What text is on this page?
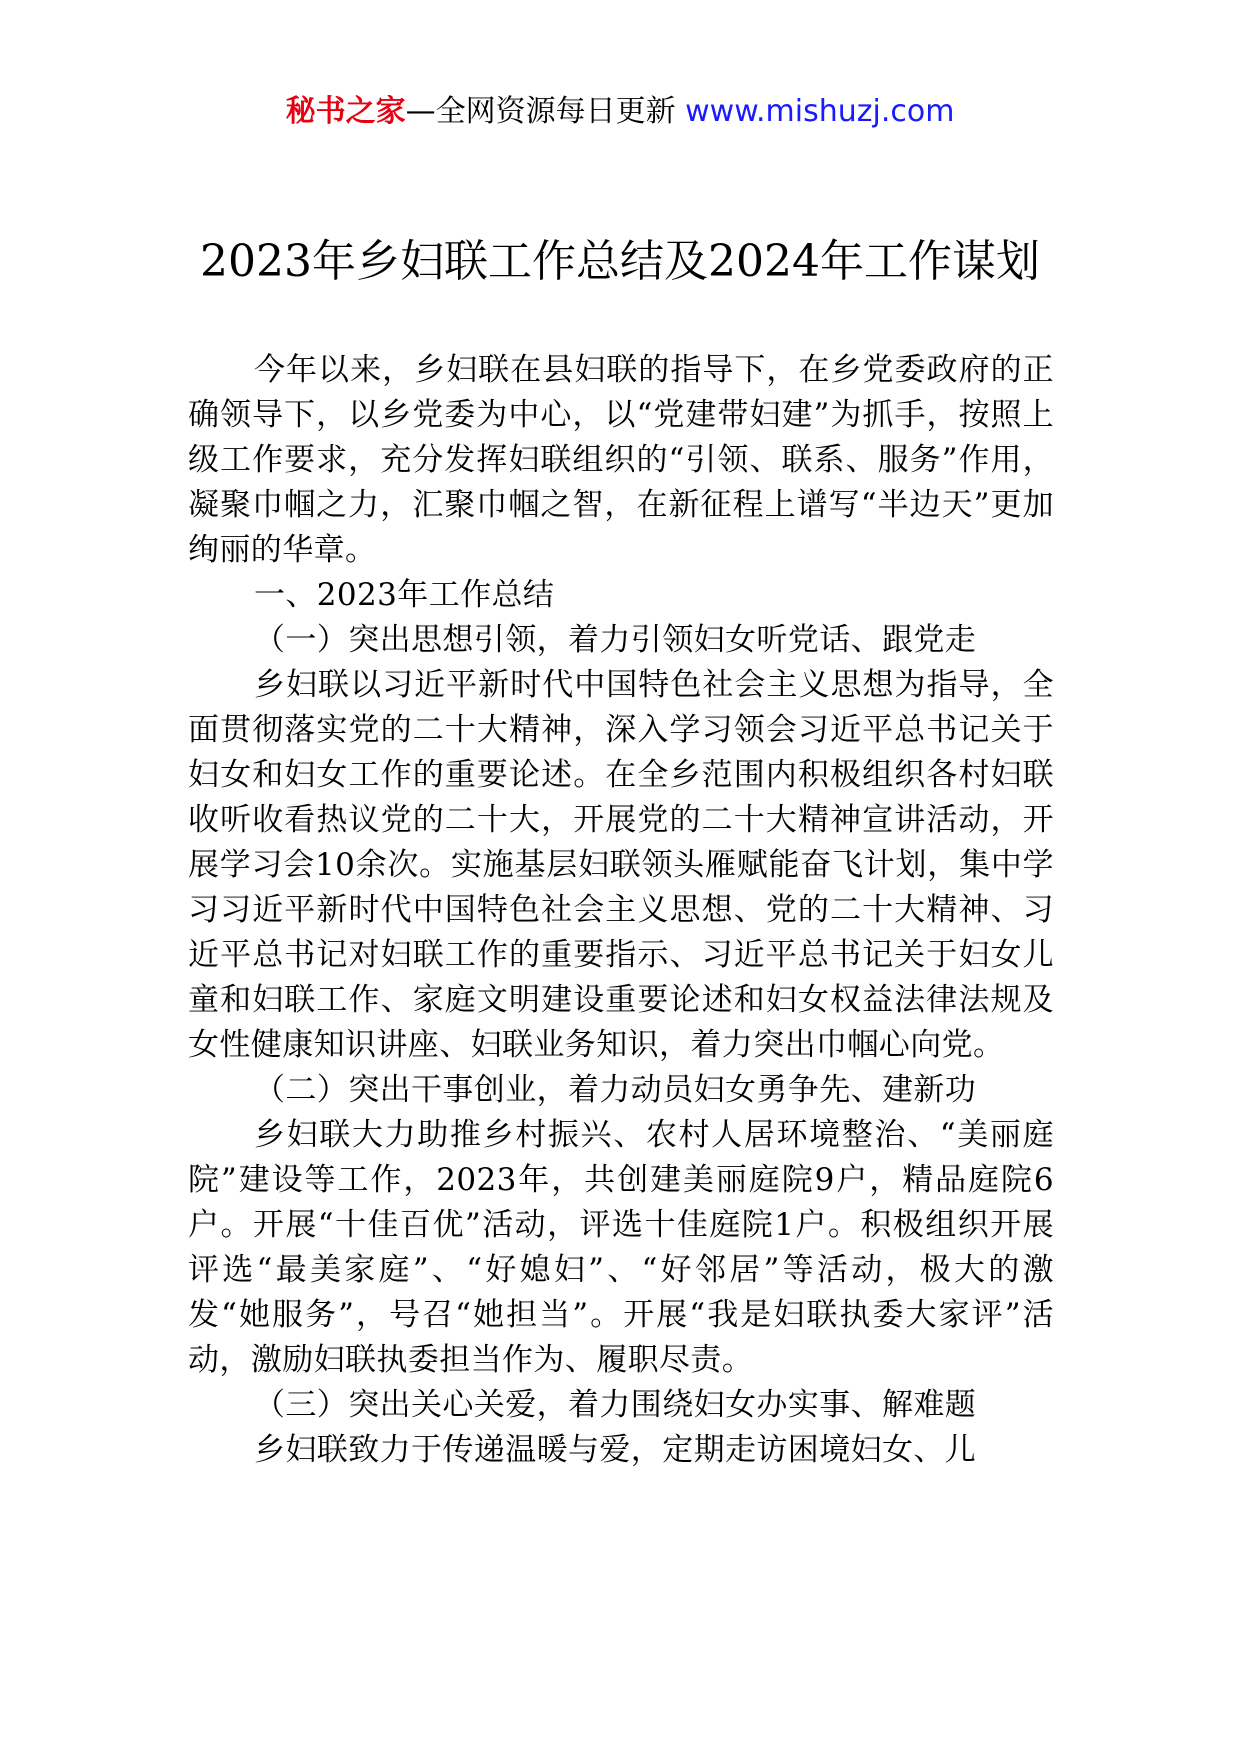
秘书之家—全网资源每日更新 www.mishuzj.com
2023年乡妇联工作总结及2024年工作谋划

今年以来，乡妇联在县妇联的指导下，在乡党委政府的正确领导下，以乡党委为中心，以“党建带妇建”为抓手，按照上级工作要求，充分发挥妇联组织的“引领、联系、服务”作用，凝聚巾帼之力，汇聚巾帼之智，在新征程上谱写“半边天”更加绚丽的华章。

一、2023年工作总结

（一）突出思想引领，着力引领妇女听党话、跟党走

乡妇联以习近平新时代中国特色社会主义思想为指导，全面贯彻落实党的二十大精神，深入学习领会习近平总书记关于妇女和妇女工作的重要论述。在全乡范围内积极组织各村妇联收听收看热议党的二十大，开展党的二十大精神宣讲活动，开展学习会10余次。实施基层妇联领头雁赋能奋飞计划，集中学习习近平新时代中国特色社会主义思想、党的二十大精神、习近平总书记对妇联工作的重要指示、习近平总书记关于妇女儿童和妇联工作、家庭文明建设重要论述和妇女权益法律法规及女性健康知识讲座、妇联业务知识，着力突出巾帼心向党。

（二）突出干事创业，着力动员妇女勇争先、建新功

乡妇联大力助推乡村振兴、农村人居环境整治、“美丽庭院”建设等工作，2023年，共创建美丽庭院9户，精品庭院6户。开展“十佳百优”活动，评选十佳庭院1户。积极组织开展评选“最美家庭”、“好媳妇”、“好邻居”等活动，极大的激发“她服务”，号召“她担当”。开展“我是妇联执委大家评”活动，激励妇联执委担当作为、履职尽责。

（三）突出关心关爱，着力围绕妇女办实事、解难题

乡妇联致力于传递温暖与爱，定期走访困境妇女、儿
